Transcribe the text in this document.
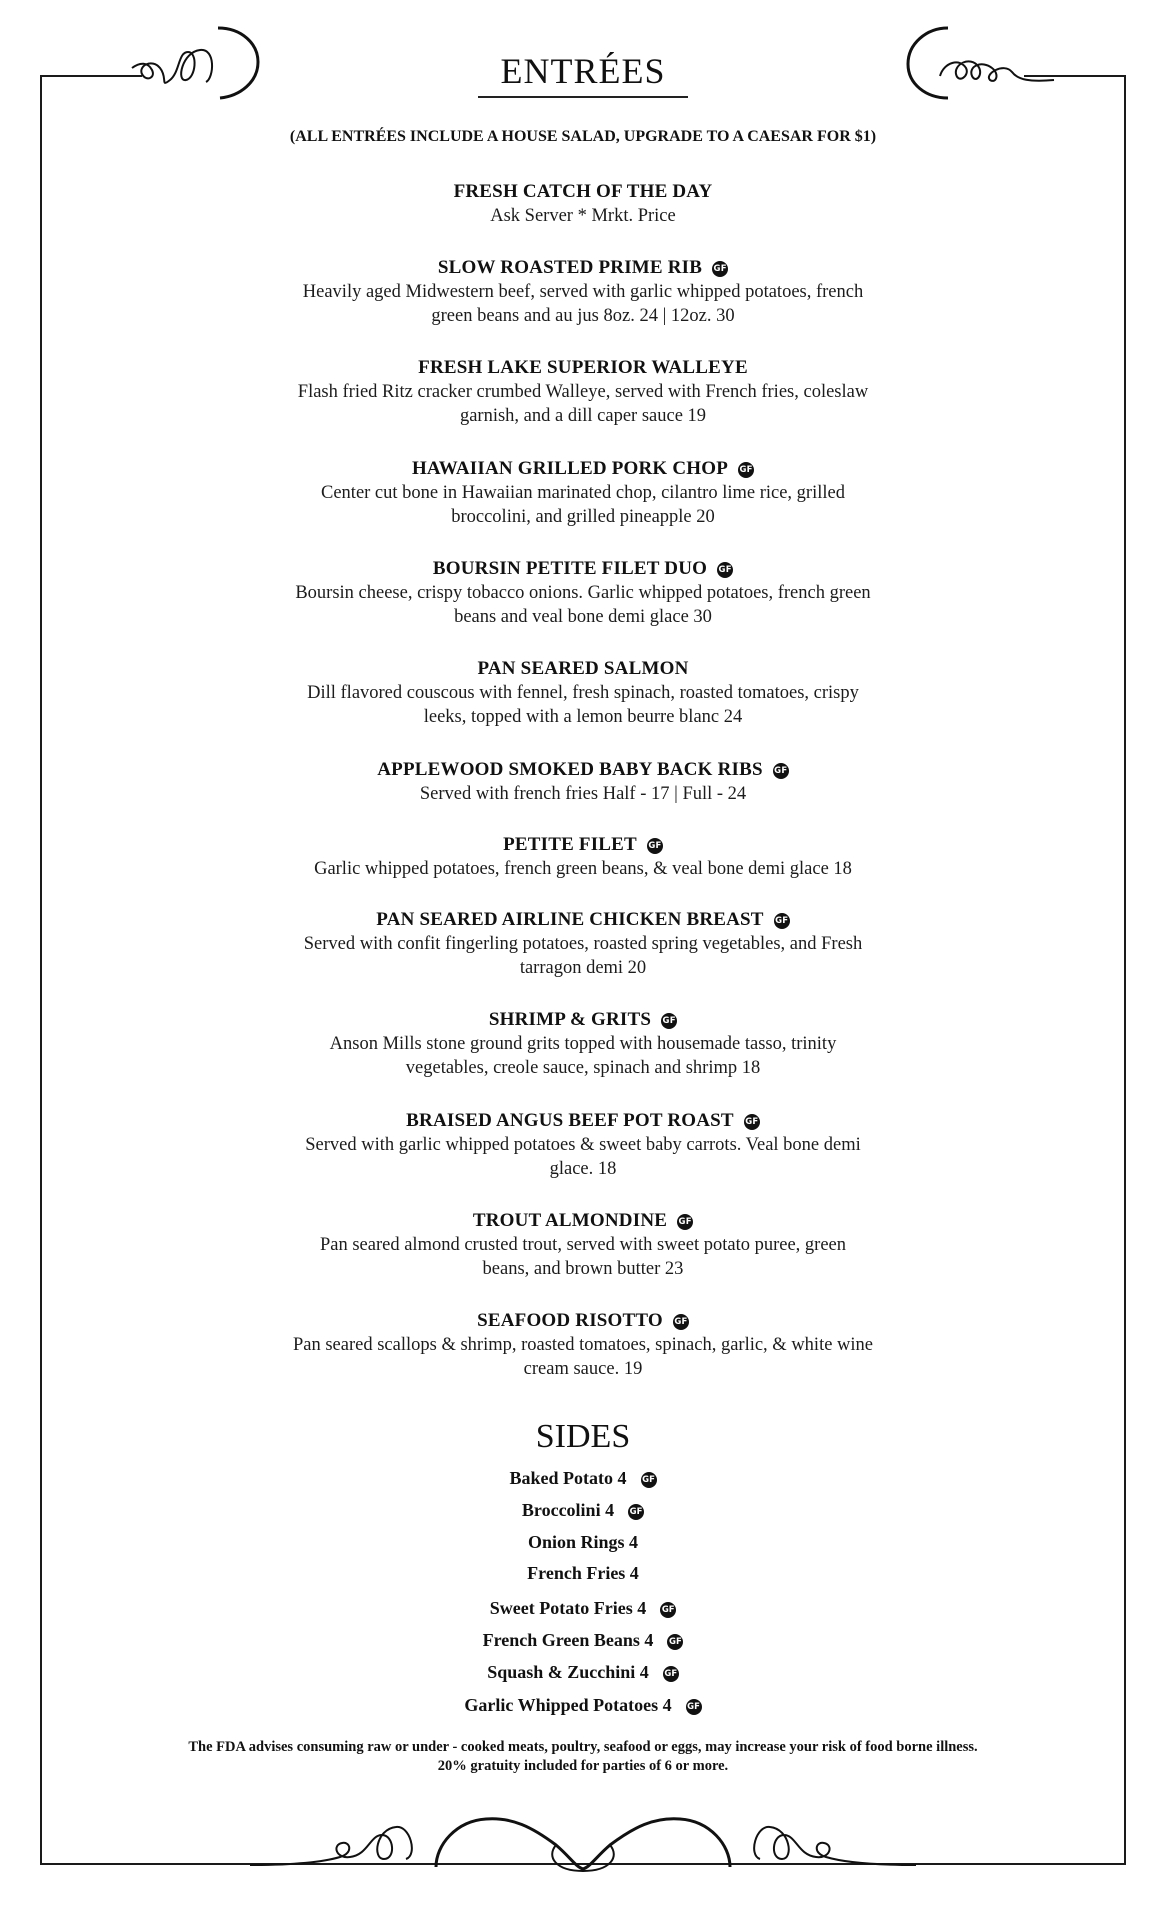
ENTRÉES
(ALL ENTRÉES INCLUDE A HOUSE SALAD, UPGRADE TO A CAESAR FOR $1)
FRESH CATCH OF THE DAY
Ask Server * Mrkt. Price
SLOW ROASTED PRIME RIB GF
Heavily aged Midwestern beef, served with garlic whipped potatoes, french
green beans and au jus 8oz. 24 | 12oz. 30
FRESH LAKE SUPERIOR WALLEYE
Flash fried Ritz cracker crumbed Walleye, served with French fries, coleslaw
garnish, and a dill caper sauce 19
HAWAIIAN GRILLED PORK CHOP GF
Center cut bone in Hawaiian marinated chop, cilantro lime rice, grilled
broccolini, and grilled pineapple 20
BOURSIN PETITE FILET DUO GF
Boursin cheese, crispy tobacco onions. Garlic whipped potatoes, french green
beans and veal bone demi glace 30
PAN SEARED SALMON
Dill flavored couscous with fennel, fresh spinach, roasted tomatoes, crispy
leeks, topped with a lemon beurre blanc 24
APPLEWOOD SMOKED BABY BACK RIBS GF
Served with french fries Half - 17 | Full - 24
PETITE FILET GF
Garlic whipped potatoes, french green beans, & veal bone demi glace 18
PAN SEARED AIRLINE CHICKEN BREAST GF
Served with confit fingerling potatoes, roasted spring vegetables, and Fresh
tarragon demi 20
SHRIMP & GRITS GF
Anson Mills stone ground grits topped with housemade tasso, trinity
vegetables, creole sauce, spinach and shrimp 18
BRAISED ANGUS BEEF POT ROAST GF
Served with garlic whipped potatoes & sweet baby carrots. Veal bone demi
glace. 18
TROUT ALMONDINE GF
Pan seared almond crusted trout, served with sweet potato puree, green
beans, and brown butter 23
SEAFOOD RISOTTO GF
Pan seared scallops & shrimp, roasted tomatoes, spinach, garlic, & white wine
cream sauce. 19
SIDES
Baked Potato 4 GF
Broccolini 4 GF
Onion Rings 4
French Fries 4
Sweet Potato Fries 4 GF
French Green Beans 4 GF
Squash & Zucchini 4 GF
Garlic Whipped Potatoes 4 GF
The FDA advises consuming raw or under - cooked meats, poultry, seafood or eggs, may increase your risk of food borne illness.
20% gratuity included for parties of 6 or more.
